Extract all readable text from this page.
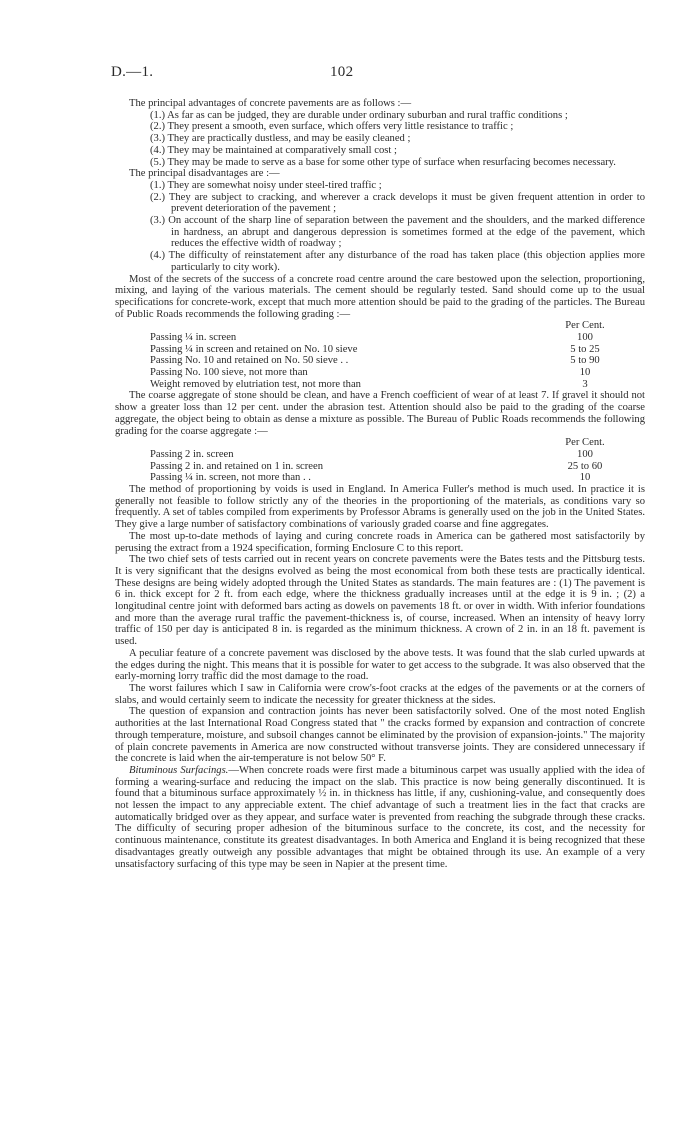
D.—1.	102

The principal advantages of concrete pavements are as follows :—

(1.) As far as can be judged, they are durable under ordinary suburban and rural traffic conditions ;

(2.) They present a smooth, even surface, which offers very little resistance to traffic ;

(3.) They are practically dustless, and may be easily cleaned ;

(4.) They may be maintained at comparatively small cost ;

(5.) They may be made to serve as a base for some other type of surface when resurfacing becomes necessary.

The principal disadvantages are :—

(1.) They are somewhat noisy under steel-tired traffic ;

(2.) They are subject to cracking, and wherever a crack develops it must be given frequent attention in order to prevent deterioration of the pavement ;

(3.) On account of the sharp line of separation between the pavement and the shoulders, and the marked difference in hardness, an abrupt and dangerous depression is sometimes formed at the edge of the pavement, which reduces the effective width of roadway ;

(4.) The difficulty of reinstatement after any disturbance of the road has taken place (this objection applies more particularly to city work).

Most of the secrets of the success of a concrete road centre around the care bestowed upon the selection, proportioning, mixing, and laying of the various materials. The cement should be regularly tested. Sand should come up to the usual specifications for concrete-work, except that much more attention should be paid to the grading of the particles. The Bureau of Public Roads recommends the following grading :—

Per Cent.
Passing ¼ in. screen	100
Passing ¼ in screen and retained on No. 10 sieve	5 to 25
Passing No. 10 and retained on No. 50 sieve . .	5 to 90
Passing No. 100 sieve, not more than	10
Weight removed by elutriation test, not more than	3

The coarse aggregate of stone should be clean, and have a French coefficient of wear of at least 7. If gravel it should not show a greater loss than 12 per cent. under the abrasion test. Attention should also be paid to the grading of the coarse aggregate, the object being to obtain as dense a mixture as possible. The Bureau of Public Roads recommends the following grading for the coarse aggregate :—

Per Cent.
Passing 2 in. screen	100
Passing 2 in. and retained on 1 in. screen	25 to 60
Passing ¼ in. screen, not more than . .	10

The method of proportioning by voids is used in England. In America Fuller's method is much used. In practice it is generally not feasible to follow strictly any of the theories in the proportioning of the materials, as conditions vary so frequently. A set of tables compiled from experiments by Professor Abrams is generally used on the job in the United States. They give a large number of satisfactory combinations of variously graded coarse and fine aggregates.

The most up-to-date methods of laying and curing concrete roads in America can be gathered most satisfactorily by perusing the extract from a 1924 specification, forming Enclosure C to this report.

The two chief sets of tests carried out in recent years on concrete pavements were the Bates tests and the Pittsburg tests. It is very significant that the designs evolved as being the most economical from both these tests are practically identical. These designs are being widely adopted through the United States as standards. The main features are : (1) The pavement is 6 in. thick except for 2 ft. from each edge, where the thickness gradually increases until at the edge it is 9 in. ; (2) a longitudinal centre joint with deformed bars acting as dowels on pavements 18 ft. or over in width. With inferior foundations and more than the average rural traffic the pavement-thickness is, of course, increased. When an intensity of heavy lorry traffic of 150 per day is anticipated 8 in. is regarded as the minimum thickness. A crown of 2 in. in an 18 ft. pavement is used.

A peculiar feature of a concrete pavement was disclosed by the above tests. It was found that the slab curled upwards at the edges during the night. This means that it is possible for water to get access to the subgrade. It was also observed that the early-morning lorry traffic did the most damage to the road.

The worst failures which I saw in California were crow's-foot cracks at the edges of the pavements or at the corners of slabs, and would certainly seem to indicate the necessity for greater thickness at the sides.

The question of expansion and contraction joints has never been satisfactorily solved. One of the most noted English authorities at the last International Road Congress stated that " the cracks formed by expansion and contraction of concrete through temperature, moisture, and subsoil changes cannot be eliminated by the provision of expansion-joints." The majority of plain concrete pavements in America are now constructed without transverse joints. They are considered unnecessary if the concrete is laid when the air-temperature is not below 50° F.

Bituminous Surfacings.—When concrete roads were first made a bituminous carpet was usually applied with the idea of forming a wearing-surface and reducing the impact on the slab. This practice is now being generally discontinued. It is found that a bituminous surface approximately ½ in. in thickness has little, if any, cushioning-value, and consequently does not lessen the impact to any appreciable extent. The chief advantage of such a treatment lies in the fact that cracks are automatically bridged over as they appear, and surface water is prevented from reaching the subgrade through these cracks. The difficulty of securing proper adhesion of the bituminous surface to the concrete, its cost, and the necessity for continuous maintenance, constitute its greatest disadvantages. In both America and England it is being recognized that these disadvantages greatly outweigh any possible advantages that might be obtained through its use. An example of a very unsatisfactory surfacing of this type may be seen in Napier at the present time.
